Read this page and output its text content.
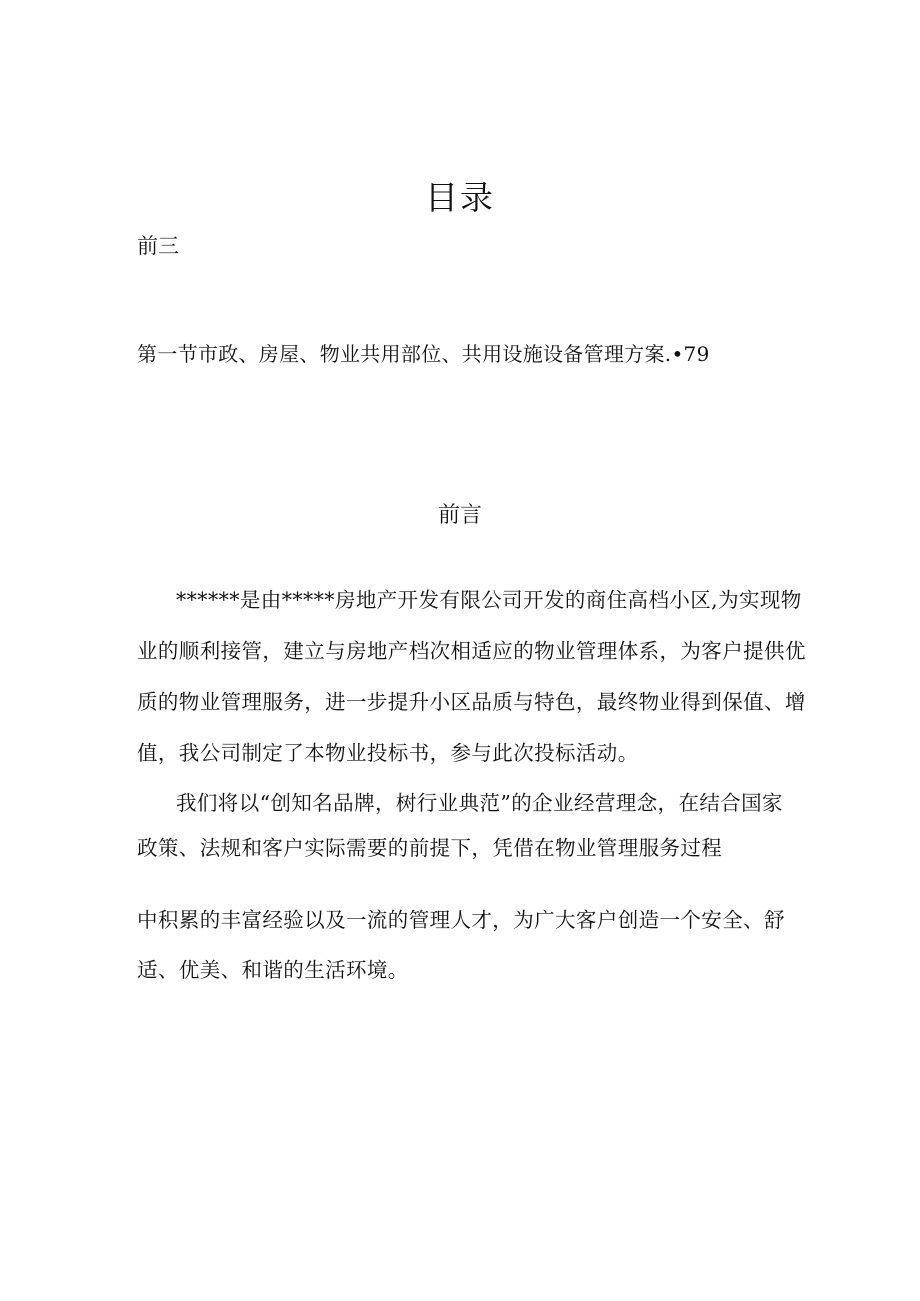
目录
前三
第一节市政、房屋、物业共用部位、共用设施设备管理方案.•79
前言
******是由*****房地产开发有限公司开发的商住高档小区,为实现物
业的顺利接管，建立与房地产档次相适应的物业管理体系，为客户提供优
质的物业管理服务，进一步提升小区品质与特色，最终物业得到保值、增
值，我公司制定了本物业投标书，参与此次投标活动。
我们将以“创知名品牌，树行业典范”的企业经营理念，在结合国家
政策、法规和客户实际需要的前提下，凭借在物业管理服务过程
中积累的丰富经验以及一流的管理人才，为广大客户创造一个安全、舒
适、优美、和谐的生活环境。
